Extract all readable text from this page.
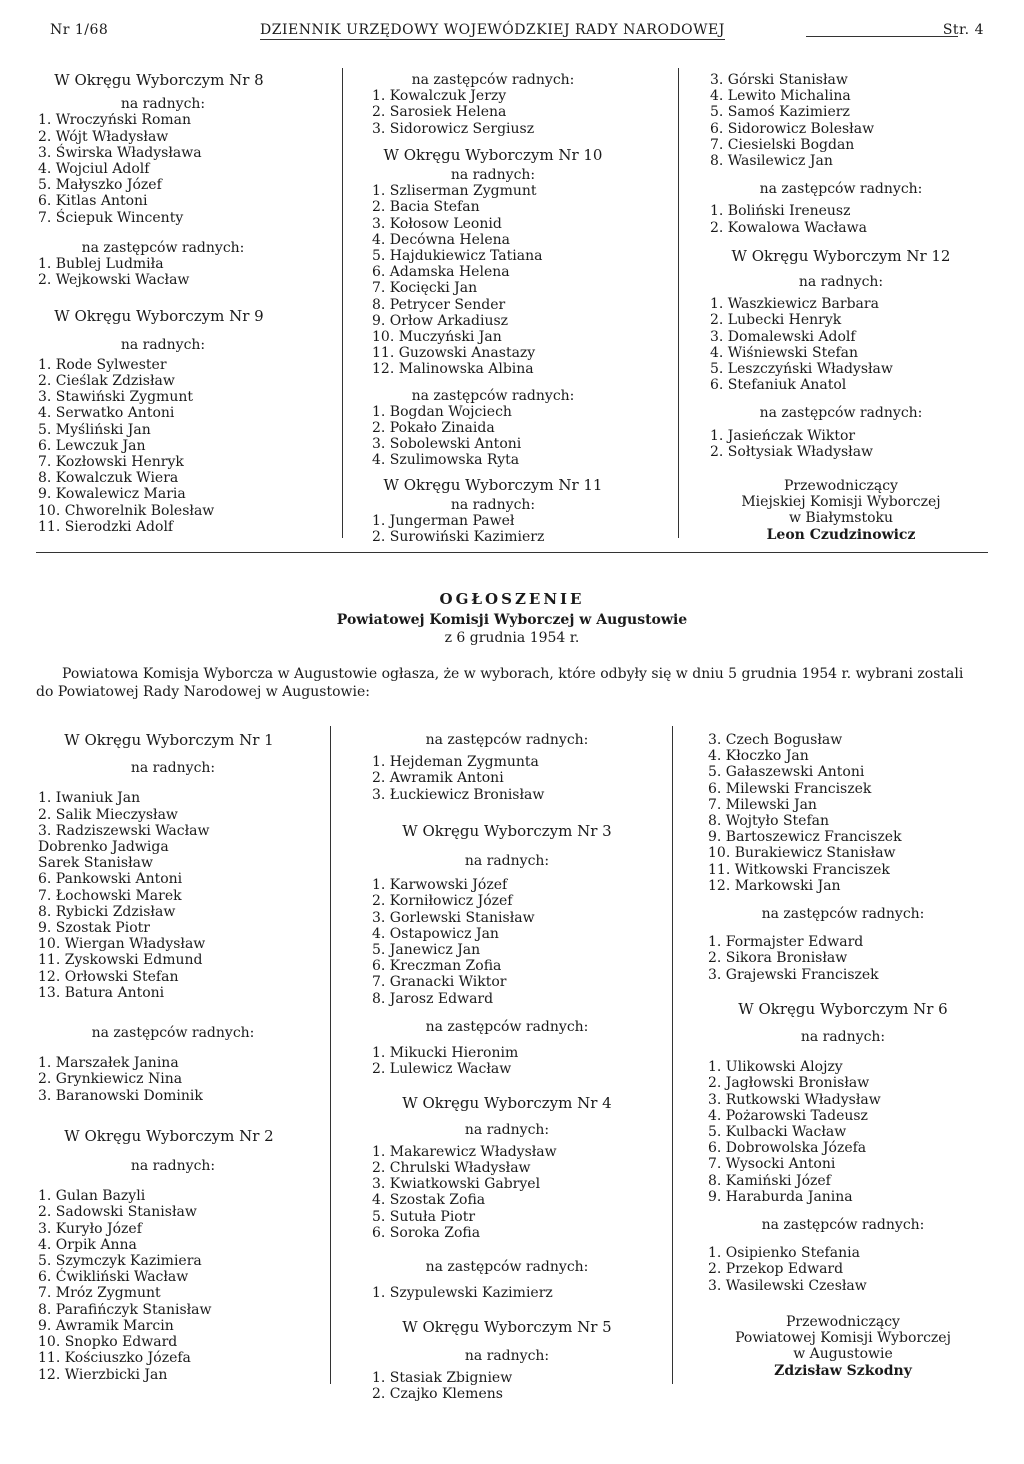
Nr 1/68	DZIENNIK URZĘDOWY WOJEWÓDZKIEJ RADY NARODOWEJ	Str. 4
W Okręgu Wyborczym Nr 8
na radnych:
1. Wroczyński Roman
2. Wójt Władysław
3. Świrska Władysława
4. Wojciul Adolf
5. Małyszko Józef
6. Kitlas Antoni
7. Ściepuk Wincenty
na zastępców radnych:
1. Bublej Ludmiła
2. Wejkowski Wacław
W Okręgu Wyborczym Nr 9
na radnych:
1. Rode Sylwester
2. Cieślak Zdzisław
3. Stawiński Zygmunt
4. Serwatko Antoni
5. Myśliński Jan
6. Lewczuk Jan
7. Kozłowski Henryk
8. Kowalczuk Wiera
9. Kowalewicz Maria
10. Chworelnik Bolesław
11. Sierodzki Adolf
na zastępców radnych:
1. Kowalczuk Jerzy
2. Sarosiek Helena
3. Sidorowicz Sergiusz
W Okręgu Wyborczym Nr 10
na radnych:
1. Szliserman Zygmunt
2. Bacia Stefan
3. Kołosow Leonid
4. Decówna Helena
5. Hajdukiewicz Tatiana
6. Adamska Helena
7. Kocięcki Jan
8. Petrycer Sender
9. Orłow Arkadiusz
10. Muczyński Jan
11. Guzowski Anastazy
12. Malinowska Albina
na zastępców radnych:
1. Bogdan Wojciech
2. Pokało Zinaida
3. Sobolewski Antoni
4. Szulimowska Ryta
W Okręgu Wyborczym Nr 11
na radnych:
1. Jungerman Paweł
2. Surowiński Kazimierz
3. Górski Stanisław
4. Lewito Michalina
5. Samoś Kazimierz
6. Sidorowicz Bolesław
7. Ciesielski Bogdan
8. Wasilewicz Jan
na zastępców radnych:
1. Boliński Ireneusz
2. Kowalowa Wacława
W Okręgu Wyborczym Nr 12
na radnych:
1. Waszkiewicz Barbara
2. Lubecki Henryk
3. Domalewski Adolf
4. Wiśniewski Stefan
5. Leszczyński Władysław
6. Stefaniuk Anatol
na zastępców radnych:
1. Jasieńczak Wiktor
2. Sołtysiak Władysław
Przewodniczący
Miejskiej Komisji Wyborczej
w Białymstoku
Leon Czudzinowicz
OGŁOSZENIE
Powiatowej Komisji Wyborczej w Augustowie
z 6 grudnia 1954 r.
Powiatowa Komisja Wyborcza w Augustowie ogłasza, że w wyborach, które odbyły się w dniu 5 grudnia 1954 r. wybrani zostali do Powiatowej Rady Narodowej w Augustowie:
W Okręgu Wyborczym Nr 1
na radnych:
1. Iwaniuk Jan
2. Salik Mieczysław
3. Radziszewski Wacław
Dobrenko Jadwiga
Sarek Stanisław
6. Pankowski Antoni
7. Łochowski Marek
8. Rybicki Zdzisław
9. Szostak Piotr
10. Wiergan Władysław
11. Zyskowski Edmund
12. Orłowski Stefan
13. Batura Antoni
na zastępców radnych:
1. Marszałek Janina
2. Grynkiewicz Nina
3. Baranowski Dominik
W Okręgu Wyborczym Nr 2
na radnych:
1. Gulan Bazyli
2. Sadowski Stanisław
3. Kuryło Józef
4. Orpik Anna
5. Szymczyk Kazimiera
6. Ćwikliński Wacław
7. Mróz Zygmunt
8. Parafińczyk Stanisław
9. Awramik Marcin
10. Snopko Edward
11. Kościuszko Józefa
12. Wierzbicki Jan
na zastępców radnych:
1. Hejdeman Zygmunta
2. Awramik Antoni
3. Łuckiewicz Bronisław
W Okręgu Wyborczym Nr 3
na radnych:
1. Karwowski Józef
2. Korniłowicz Józef
3. Gorlewski Stanisław
4. Ostapowicz Jan
5. Janewicz Jan
6. Kreczman Zofia
7. Granacki Wiktor
8. Jarosz Edward
na zastępców radnych:
1. Mikucki Hieronim
2. Lulewicz Wacław
W Okręgu Wyborczym Nr 4
na radnych:
1. Makarewicz Władysław
2. Chrulski Władysław
3. Kwiatkowski Gabryel
4. Szostak Zofia
5. Sutuła Piotr
6. Soroka Zofia
na zastępców radnych:
1. Szypulewski Kazimierz
W Okręgu Wyborczym Nr 5
na radnych:
1. Stasiak Zbigniew
2. Czajko Klemens
3. Czech Bogusław
4. Kłoczko Jan
5. Gałaszewski Antoni
6. Milewski Franciszek
7. Milewski Jan
8. Wojtyło Stefan
9. Bartoszewicz Franciszek
10. Burakiewicz Stanisław
11. Witkowski Franciszek
12. Markowski Jan
na zastępców radnych:
1. Formajster Edward
2. Sikora Bronisław
3. Grajewski Franciszek
W Okręgu Wyborczym Nr 6
na radnych:
1. Ulikowski Alojzy
2. Jagłowski Bronisław
3. Rutkowski Władysław
4. Pożarowski Tadeusz
5. Kulbacki Wacław
6. Dobrowolska Józefa
7. Wysocki Antoni
8. Kamiński Józef
9. Haraburda Janina
na zastępców radnych:
1. Osipienko Stefania
2. Przekop Edward
3. Wasilewski Czesław
Przewodniczący
Powiatowej Komisji Wyborczej
w Augustowie
Zdzisław Szkodny
